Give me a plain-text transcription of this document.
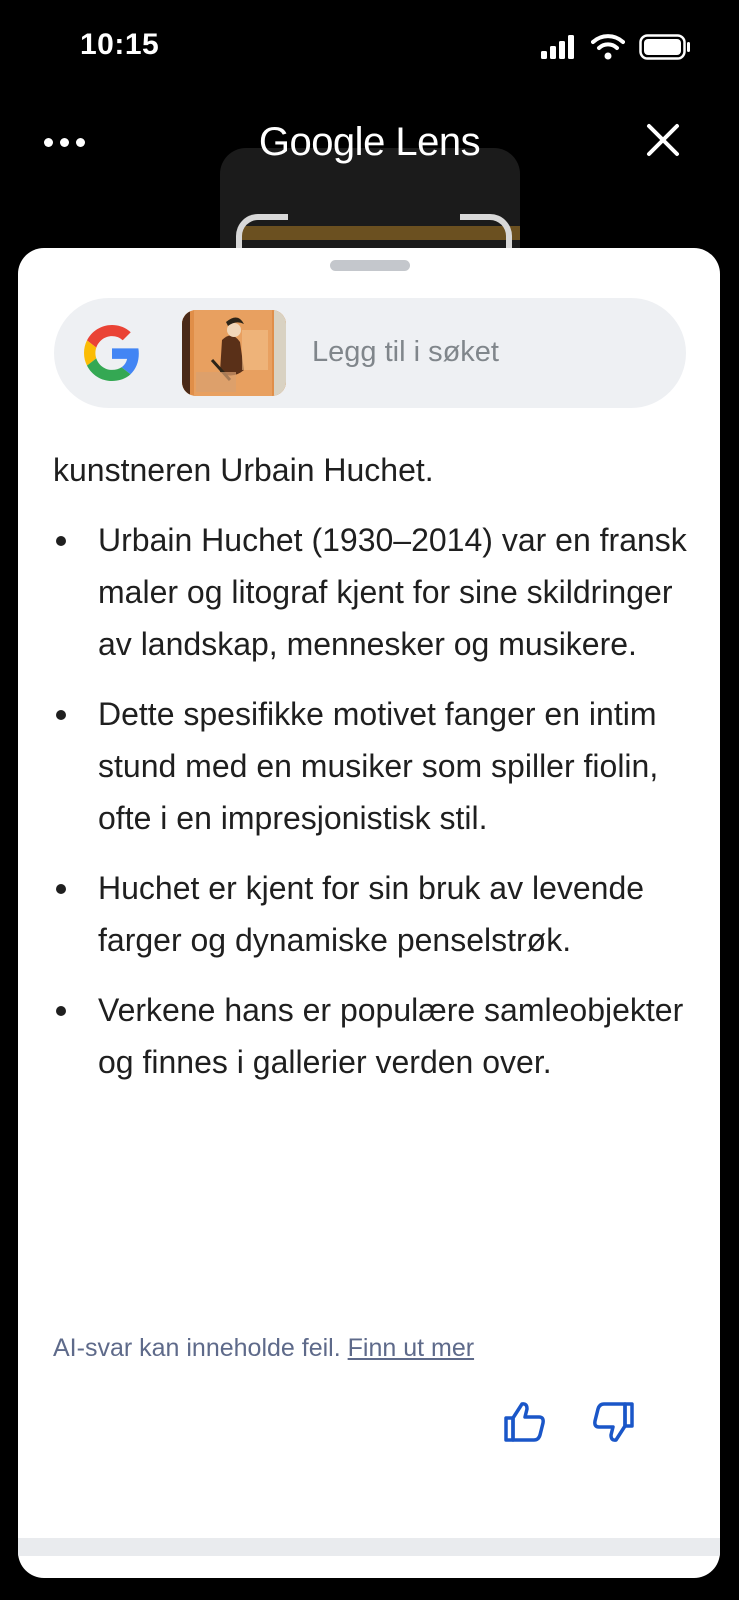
10:15
Google Lens
Legg til i søket

kunstneren Urbain Huchet.

Urbain Huchet (1930–2014) var en fransk maler og litograf kjent for sine skildringer av landskap, mennesker og musikere.
Dette spesifikke motivet fanger en intim stund med en musiker som spiller fiolin, ofte i en impresjonistisk stil.
Huchet er kjent for sin bruk av levende farger og dynamiske penselstrøk.
Verkene hans er populære samleobjekter og finnes i gallerier verden over.
AI-svar kan inneholde feil. Finn ut mer
